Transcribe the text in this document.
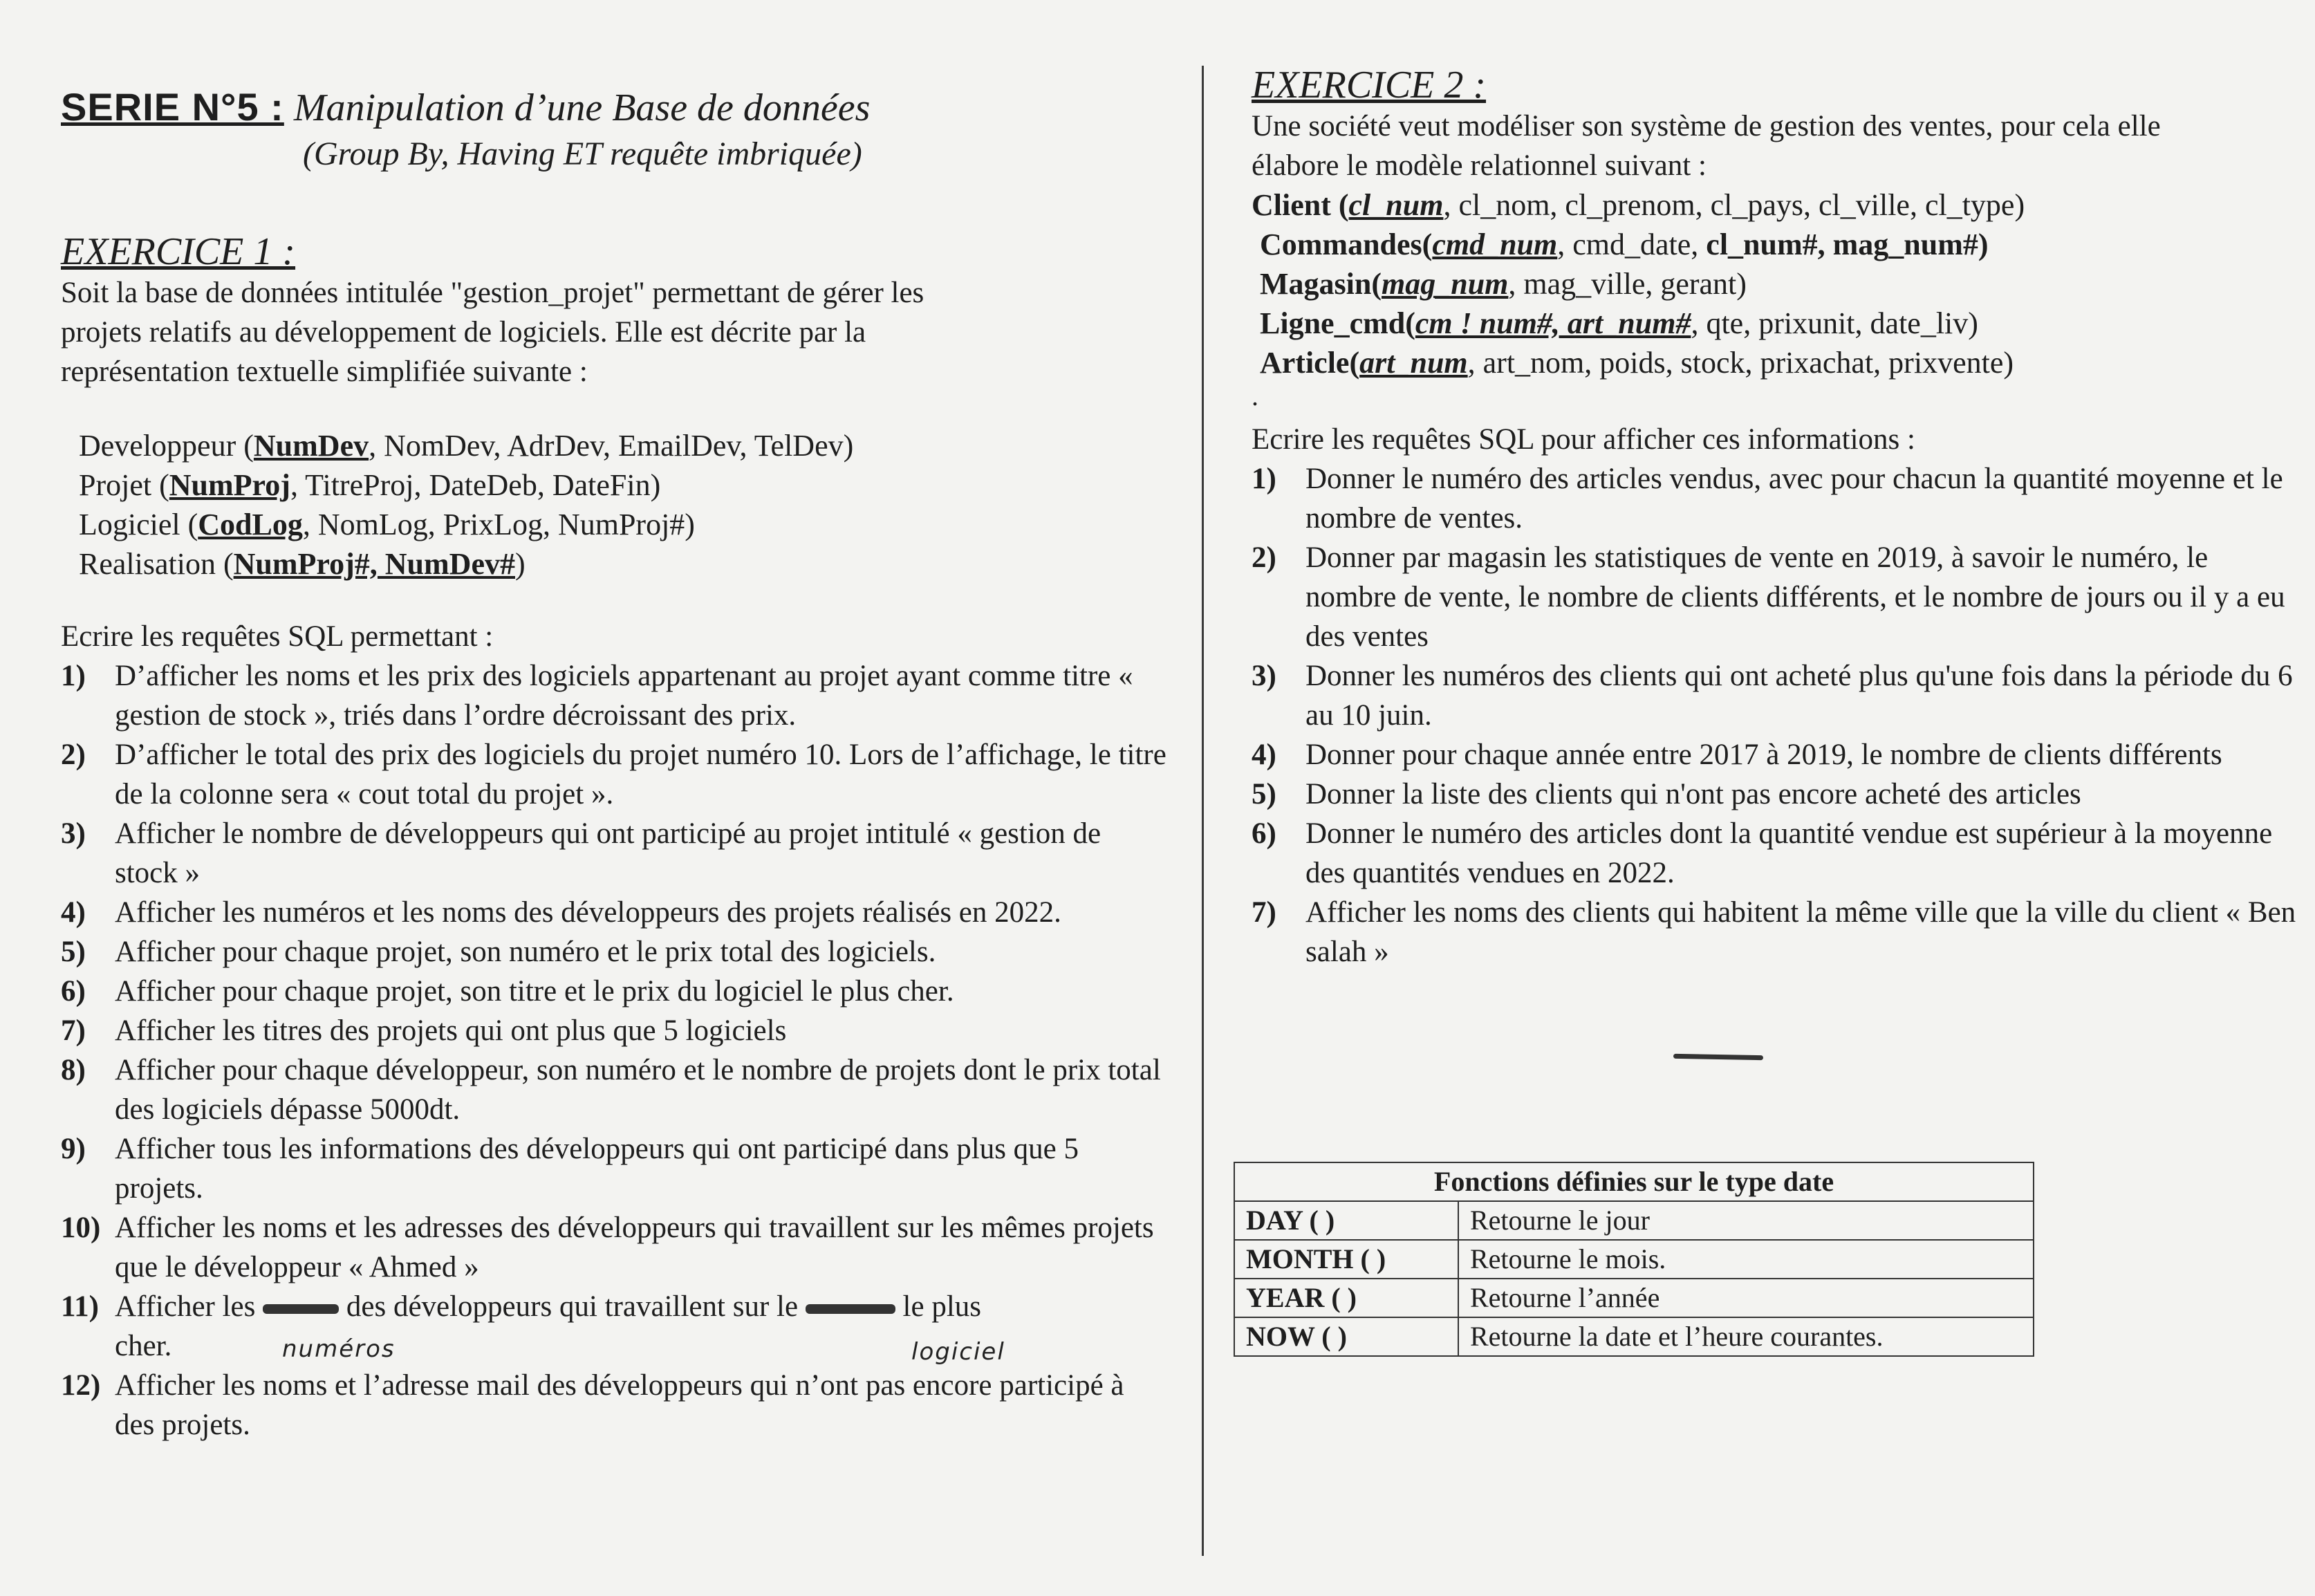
SERIE N°5 : Manipulation d’une Base de données
(Group By, Having ET requête imbriquée)
EXERCICE 1 :

Soit la base de données intitulée "gestion_projet" permettant de gérer les

projets relatifs au développement de logiciels. Elle est décrite par la

représentation textuelle simplifiée suivante :

Developpeur (NumDev, NomDev, AdrDev, EmailDev, TelDev)
Projet (NumProj, TitreProj, DateDeb, DateFin)
Logiciel (CodLog, NomLog, PrixLog, NumProj#)
Realisation (NumProj#, NumDev#)
Ecrire les requêtes SQL permettant :
1) D’afficher les noms et les prix des logiciels appartenant au projet ayant comme titre « gestion de stock », triés dans l’ordre décroissant des prix.
2) D’afficher le total des prix des logiciels du projet numéro 10. Lors de l’affichage, le titre de la colonne sera « cout total du projet ».
3) Afficher le nombre de développeurs qui ont participé au projet intitulé « gestion de stock »
4) Afficher les numéros et les noms des développeurs des projets réalisés en 2022.
5) Afficher pour chaque projet, son numéro et le prix total des logiciels.
6) Afficher pour chaque projet, son titre et le prix du logiciel le plus cher.
7) Afficher les titres des projets qui ont plus que 5 logiciels
8) Afficher pour chaque développeur, son numéro et le nombre de projets dont le prix total des logiciels dépasse 5000dt.
9) Afficher tous les informations des développeurs qui ont participé dans plus que 5 projets.
10) Afficher les noms et les adresses des développeurs qui travaillent sur les mêmes projets que le développeur « Ahmed »
11) Afficher les	des développeurs qui travaillent sur le	le plus
cher.	numéros	logiciel
12) Afficher les noms et l’adresse mail des développeurs qui n’ont pas encore participé à des projets.
EXERCICE 2 :

Une société veut modéliser son système de gestion des ventes, pour cela elle

élabore le modèle relationnel suivant :

Client (cl_num, cl_nom, cl_prenom, cl_pays, cl_ville, cl_type)
Commandes(cmd_num, cmd_date, cl_num#, mag_num#)
Magasin(mag_num, mag_ville, gerant)
Ligne_cmd(cm ! num#, art_num#, qte, prixunit, date_liv)
Article(art_num, art_nom, poids, stock, prixachat, prixvente)
.
Ecrire les requêtes SQL pour afficher ces informations :
1) Donner le numéro des articles vendus, avec pour chacun la quantité moyenne et le nombre de ventes.
2) Donner par magasin les statistiques de vente en 2019, à savoir le numéro, le nombre de vente, le nombre de clients différents, et le nombre de jours ou il y a eu des ventes
3) Donner les numéros des clients qui ont acheté plus qu'une fois dans la période du 6 au 10 juin.
4) Donner pour chaque année entre 2017 à 2019, le nombre de clients différents
5) Donner la liste des clients qui n'ont pas encore acheté des articles
6) Donner le numéro des articles dont la quantité vendue est supérieur à la moyenne des quantités vendues en 2022.
7) Afficher les noms des clients qui habitent la même ville que la ville du client « Ben salah »
Fonctions définies sur le type date	
DAY ( )	Retourne le jour
MONTH ( )	Retourne le mois.
YEAR ( )	Retourne l’année
NOW ( )	Retourne la date et l’heure courantes.
